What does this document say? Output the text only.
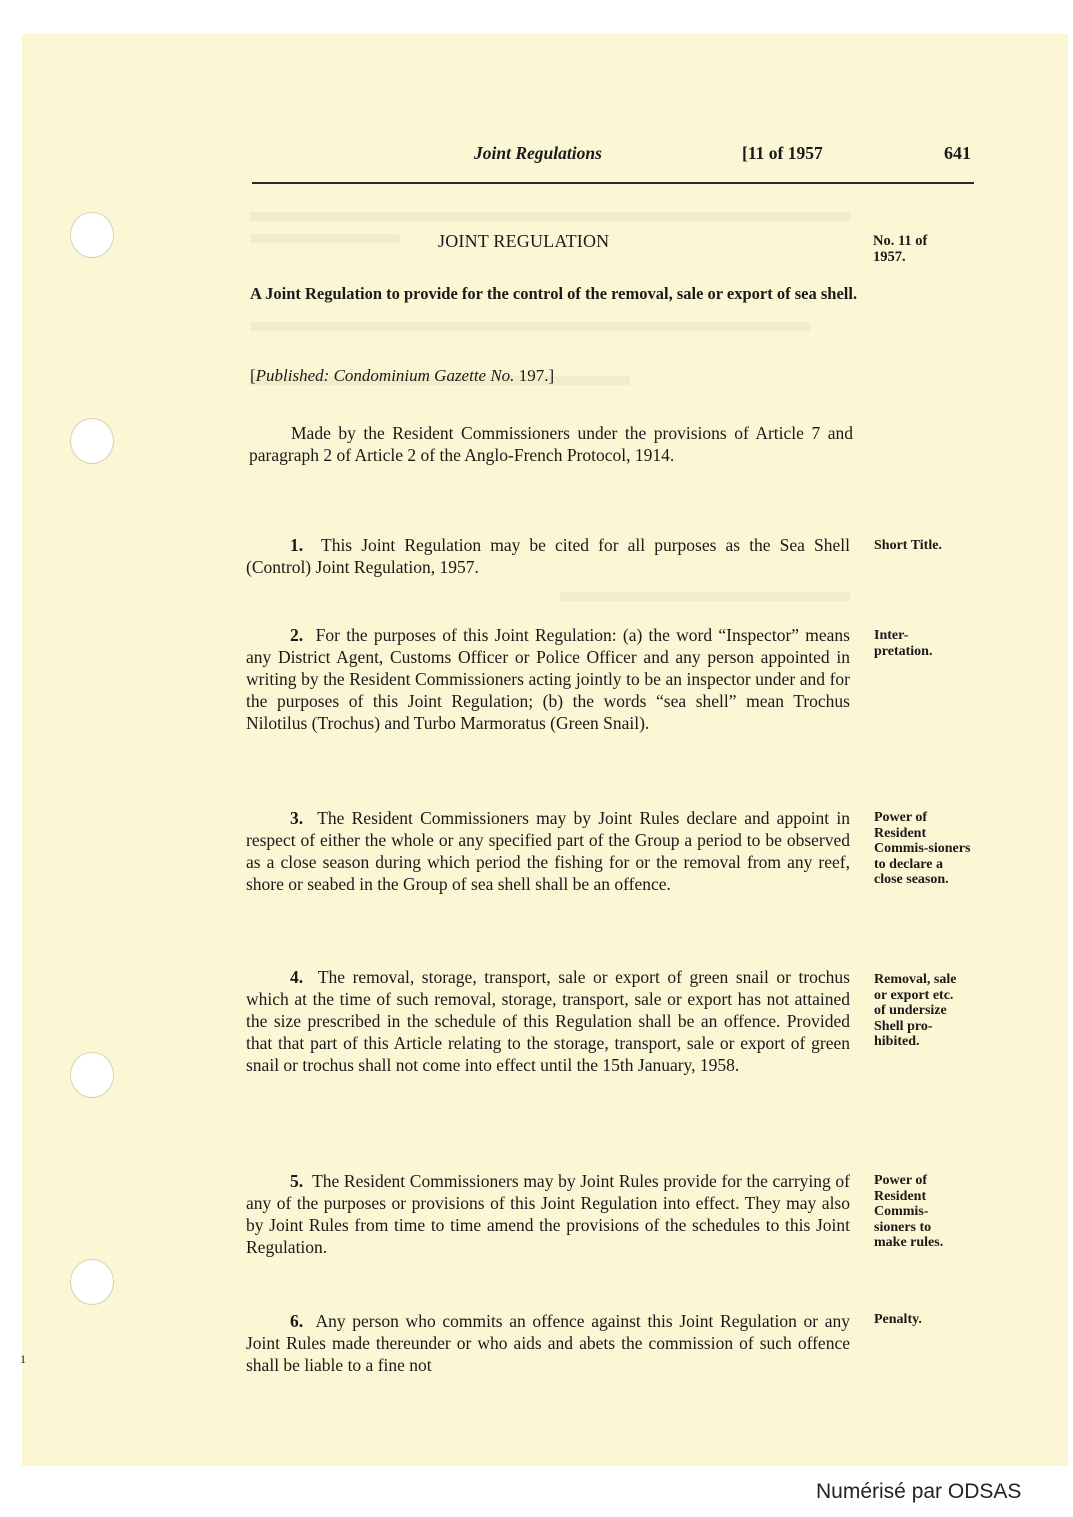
Joint Regulations	[11 of 1957	641
JOINT REGULATION	No. 11 of 1957.
A Joint Regulation to provide for the control of the removal, sale or export of sea shell.
[Published: Condominium Gazette No. 197.]
Made by the Resident Commissioners under the provisions of Article 7 and paragraph 2 of Article 2 of the Anglo-French Protocol, 1914.
1. This Joint Regulation may be cited for all purposes as the Sea Shell (Control) Joint Regulation, 1957.
Short Title.
2. For the purposes of this Joint Regulation: (a) the word “Inspector” means any District Agent, Customs Officer or Police Officer and any person appointed in writing by the Resident Commissioners acting jointly to be an inspector under and for the purposes of this Joint Regulation; (b) the words “sea shell” mean Trochus Nilotilus (Trochus) and Turbo Marmoratus (Green Snail).
Inter-pretation.
3. The Resident Commissioners may by Joint Rules declare and appoint in respect of either the whole or any specified part of the Group a period to be observed as a close season during which period the fishing for or the removal from any reef, shore or seabed in the Group of sea shell shall be an offence.
Power of Resident Commis-sioners to declare a close season.
4. The removal, storage, transport, sale or export of green snail or trochus which at the time of such removal, storage, transport, sale or export has not attained the size prescribed in the schedule of this Regulation shall be an offence. Provided that that part of this Article relating to the storage, transport, sale or export of green snail or trochus shall not come into effect until the 15th January, 1958.
Removal, sale or export etc. of undersize Shell pro-hibited.
5. The Resident Commissioners may by Joint Rules provide for the carrying of any of the purposes or provisions of this Joint Regulation into effect. They may also by Joint Rules from time to time amend the provisions of the schedules to this Joint Regulation.
Power of Resident Commis-sioners to make rules.
6. Any person who commits an offence against this Joint Regulation or any Joint Rules made thereunder or who aids and abets the commission of such offence shall be liable to a fine not
Penalty.
1
Numérisé par ODSAS
